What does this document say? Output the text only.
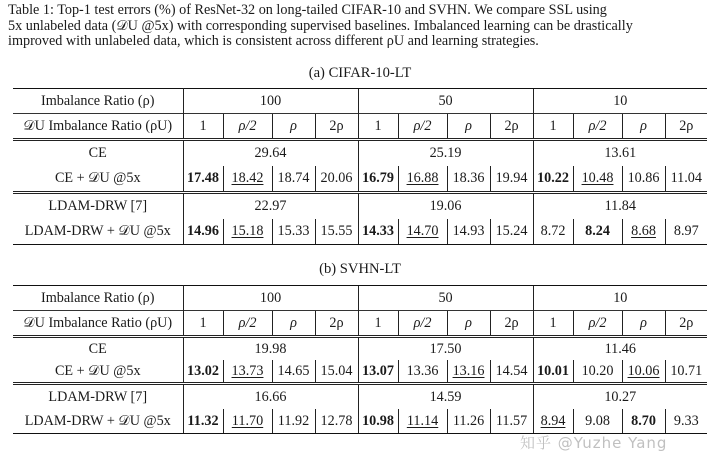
Table 1: Top-1 test errors (%) of ResNet-32 on long-tailed CIFAR-10 and SVHN. We compare SSL using
5x unlabeled data (𝒟U @5x) with corresponding supervised baselines. Imbalanced learning can be drastically
improved with unlabeled data, which is consistent across different ρU and learning strategies.
(a) CIFAR-10-LT
Imbalance Ratio (ρ)	100				50				10			
𝒟U Imbalance Ratio (ρU)	1	ρ/2	ρ	2ρ	1	ρ/2	ρ	2ρ	1	ρ/2	ρ	2ρ
CE	29.64				25.19				13.61			
CE + 𝒟U @5x	17.48	18.42	18.74	20.06	16.79	16.88	18.36	19.94	10.22	10.48	10.86	11.04
LDAM-DRW [7]	22.97				19.06				11.84			
LDAM-DRW + 𝒟U @5x	14.96	15.18	15.33	15.55	14.33	14.70	14.93	15.24	8.72	8.24	8.68	8.97
(b) SVHN-LT
Imbalance Ratio (ρ)	100				50				10			
𝒟U Imbalance Ratio (ρU)	1	ρ/2	ρ	2ρ	1	ρ/2	ρ	2ρ	1	ρ/2	ρ	2ρ
CE	19.98				17.50				11.46			
CE + 𝒟U @5x	13.02	13.73	14.65	15.04	13.07	13.36	13.16	14.54	10.01	10.20	10.06	10.71
LDAM-DRW [7]	16.66				14.59				10.27			
LDAM-DRW + 𝒟U @5x	11.32	11.70	11.92	12.78	10.98	11.14	11.26	11.57	8.94	9.08	8.70	9.33
知乎 @Yuzhe Yang
